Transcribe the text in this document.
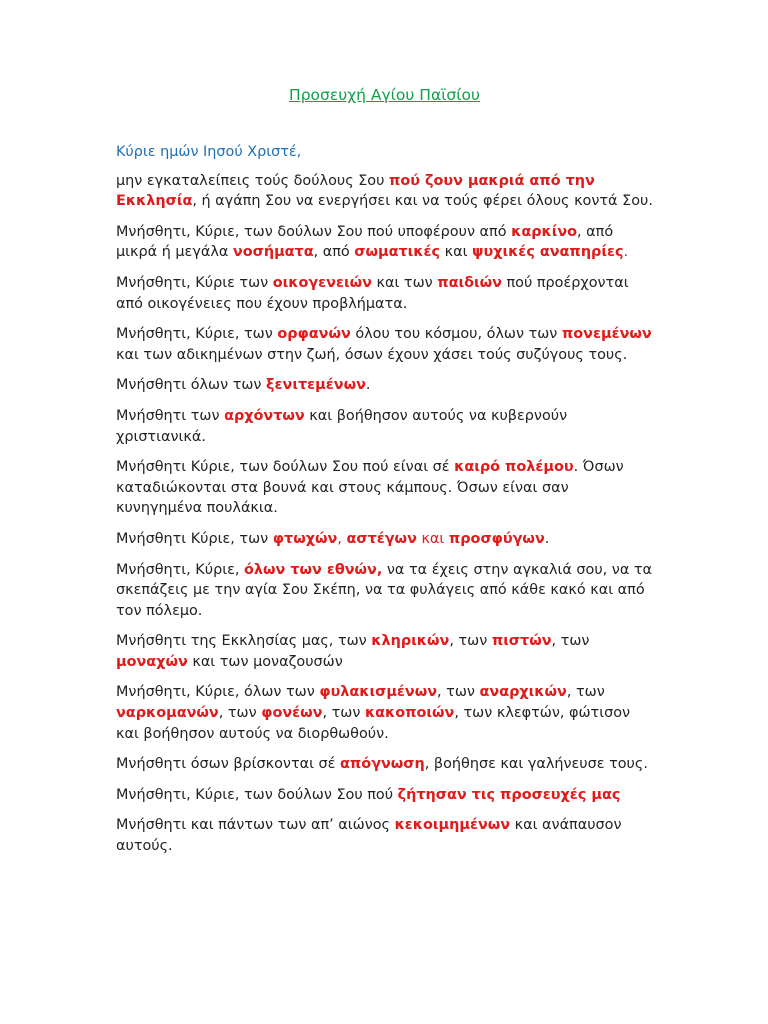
Προσευχή Αγίου Παϊσίου
Κύριε ημών Ιησού Χριστέ,
μην εγκαταλείπεις τούς δούλους Σου πού ζουν μακριά από την Εκκλησία, ή αγάπη Σου να ενεργήσει και να τούς φέρει όλους κοντά Σου.
Μνήσθητι, Κύριε, των δούλων Σου πού υποφέρουν από καρκίνο, από μικρά ή μεγάλα νοσήματα, από σωματικές και ψυχικές αναπηρίες.
Μνήσθητι, Κύριε των οικογενειών και των παιδιών πού προέρχονται από οικογένειες που έχουν προβλήματα.
Μνήσθητι, Κύριε, των ορφανών όλου του κόσμου, όλων των πονεμένων και των αδικημένων στην ζωή, όσων έχουν χάσει τούς συζύγους τους.
Μνήσθητι όλων των ξενιτεμένων.
Μνήσθητι των αρχόντων και βοήθησον αυτούς να κυβερνούν χριστιανικά.
Μνήσθητι Κύριε, των δούλων Σου πού είναι σέ καιρό πολέμου. Όσων καταδιώκονται στα βουνά και στους κάμπους. Όσων είναι σαν κυνηγημένα πουλάκια.
Μνήσθητι Κύριε, των φτωχών, αστέγων και προσφύγων.
Μνήσθητι, Κύριε, όλων των εθνών, να τα έχεις στην αγκαλιά σου, να τα σκεπάζεις με την αγία Σου Σκέπη, να τα φυλάγεις από κάθε κακό και από τον πόλεμο.
Μνήσθητι της Εκκλησίας μας, των κληρικών, των πιστών, των μοναχών και των μοναζουσών
Μνήσθητι, Κύριε, όλων των φυλακισμένων, των αναρχικών, των ναρκομανών, των φονέων, των κακοποιών, των κλεφτών, φώτισον και βοήθησον αυτούς να διορθωθούν.
Μνήσθητι όσων βρίσκονται σέ απόγνωση, βοήθησε και γαλήνευσε τους.
Μνήσθητι, Κύριε, των δούλων Σου πού ζήτησαν τις προσευχές μας
Μνήσθητι και πάντων των απ’ αιώνος κεκοιμημένων και ανάπαυσον αυτούς.
